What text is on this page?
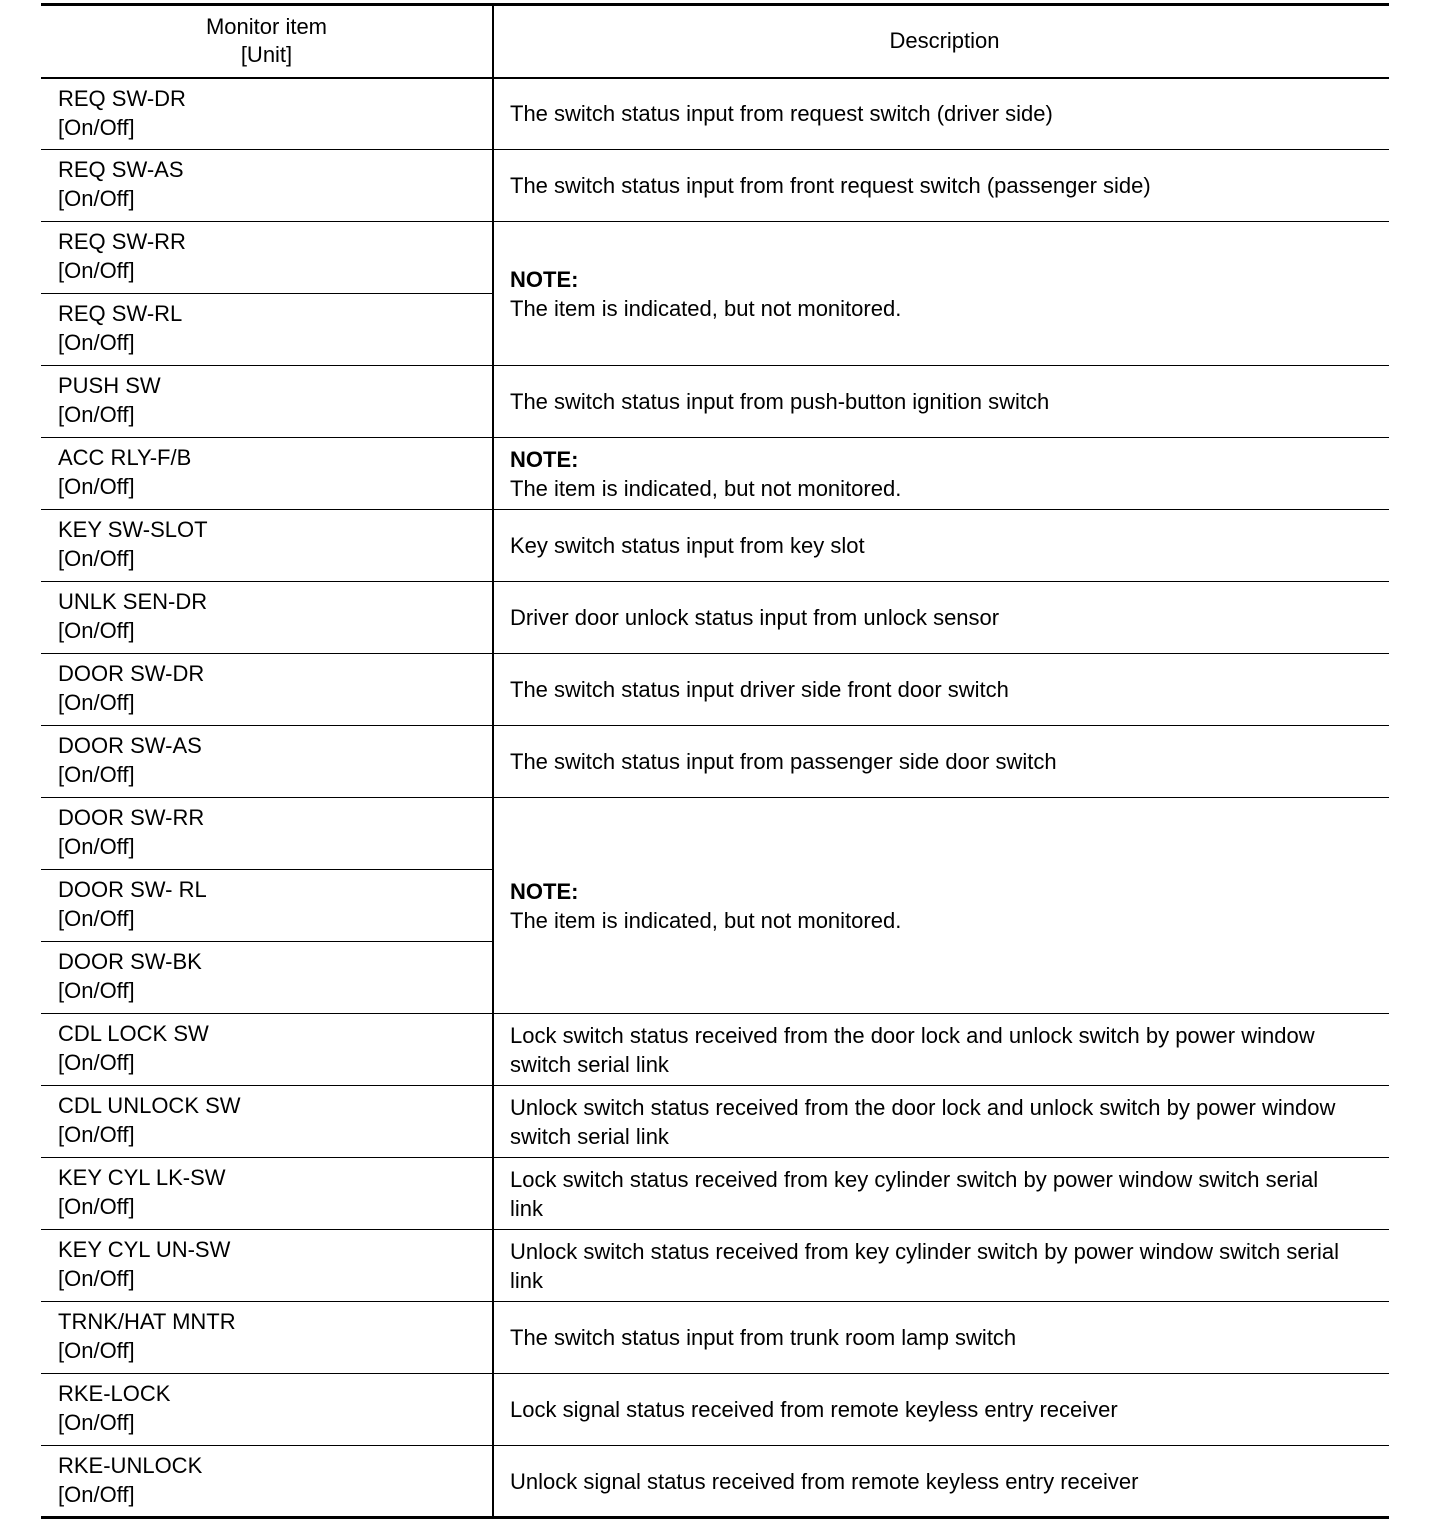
Monitor item
[Unit]	Description

REQ SW-DR
[On/Off]	The switch status input from request switch (driver side)

REQ SW-AS
[On/Off]	The switch status input from front request switch (passenger side)

REQ SW-RR
[On/Off]	NOTE:
The item is indicated, but not monitored.

REQ SW-RL
[On/Off]	

PUSH SW
[On/Off]	The switch status input from push-button ignition switch

ACC RLY-F/B
[On/Off]	NOTE:
The item is indicated, but not monitored.

KEY SW-SLOT
[On/Off]	Key switch status input from key slot

UNLK SEN-DR
[On/Off]	Driver door unlock status input from unlock sensor

DOOR SW-DR
[On/Off]	The switch status input driver side front door switch

DOOR SW-AS
[On/Off]	The switch status input from passenger side door switch

DOOR SW-RR
[On/Off]	NOTE:
The item is indicated, but not monitored.

DOOR SW- RL
[On/Off]	

DOOR SW-BK
[On/Off]	

CDL LOCK SW
[On/Off]	Lock switch status received from the door lock and unlock switch by power window
switch serial link

CDL UNLOCK SW
[On/Off]	Unlock switch status received from the door lock and unlock switch by power window
switch serial link

KEY CYL LK-SW
[On/Off]	Lock switch status received from key cylinder switch by power window switch serial
link

KEY CYL UN-SW
[On/Off]	Unlock switch status received from key cylinder switch by power window switch serial
link

TRNK/HAT MNTR
[On/Off]	The switch status input from trunk room lamp switch

RKE-LOCK
[On/Off]	Lock signal status received from remote keyless entry receiver

RKE-UNLOCK
[On/Off]	Unlock signal status received from remote keyless entry receiver
